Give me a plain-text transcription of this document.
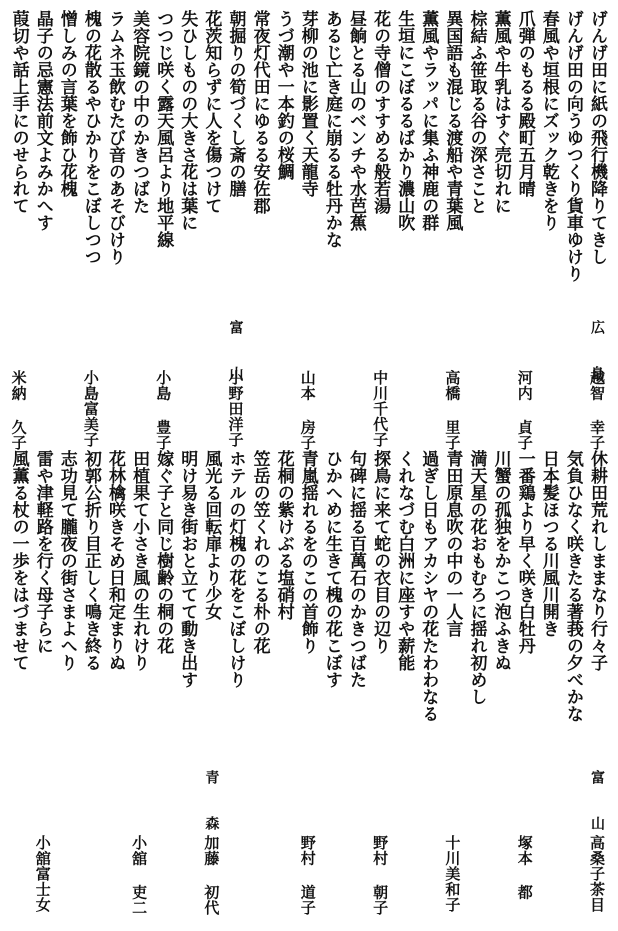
げんげ田に紙の飛行機降りてきし
広 島
越智 幸子
げんげ田の向うゆつくり貨車ゆけり
春風や垣根にズック乾きをり
爪弾のもるる殿町五月晴
河内 貞子
薫風や牛乳はすぐ売切れに
棕結ふ笹取る谷の深さこと
異国語も混じる渡船や青葉風
高橋 里子
薫風やラッパに集ふ神鹿の群
生垣にこぼるるばかり濃山吹
花の寺僧のすすめる般若湯
中川千代子
昼餉とる山のベンチや水芭蕉
あるじ亡き庭に崩るる牡丹かな
芽柳の池に影置く天龍寺
山本 房子
うづ潮や一本釣の桜鯛
常夜灯代田にゆるる安佐郡
朝掘りの筍づくし斎の膳
富 山
小野田洋子
花茨知らずに人を傷つけて
失ひしものの大きさ花は葉に
つつじ咲く露天風呂より地平線
小島 豊子
美容院鏡の中のかきつばた
ラムネ玉飲むたび音のあそびけり
槐の花散るやひかりをこぼしつつ
小島富美子
憎しみの言葉を飾ひ花槐
晶子の忌憲法前文よみかへす
葭切や話上手にのせられて
米納 久子
休耕田荒れしままなり行々子
富 山
高桑子茶目
気負ひなく咲きたる著莪の夕べかな
日本髪ほつる川風川開き
一番鶏より早く咲き白牡丹
塚本 都
川蟹の孤独をかこつ泡ふきぬ
満天星の花おもむろに揺れ初めし
青田原息吹の中の一人言
十川美和子
過ぎし日もアカシヤの花たわわなる
くれなづむ白洲に座すや薪能
探鳥に来て蛇の衣目の辺り
野村 朝子
句碑に揺る百萬石のかきつばた
ひかへめに生きて槐の花こぼす
青嵐揺れるをのこの首飾り
野村 道子
花桐の紫けぶる塩硝村
笠岳の笠くれのこる朴の花
ホテルの灯槐の花をこぼしけり
風光る回転扉より少女
青 森
加藤 初代
明け易き街おと立てて動き出す
嫁ぐ子と同じ樹齢の桐の花
田植果て小さき風の生れけり
小舘 吏二
花林檎咲きそめ日和定まりぬ
初郭公折り目正しく鳴き終る
志功見て朧夜の街さまよへり
雷や津軽路を行く母子らに
小舘富士女
風薫る杖の一歩をはづませて
